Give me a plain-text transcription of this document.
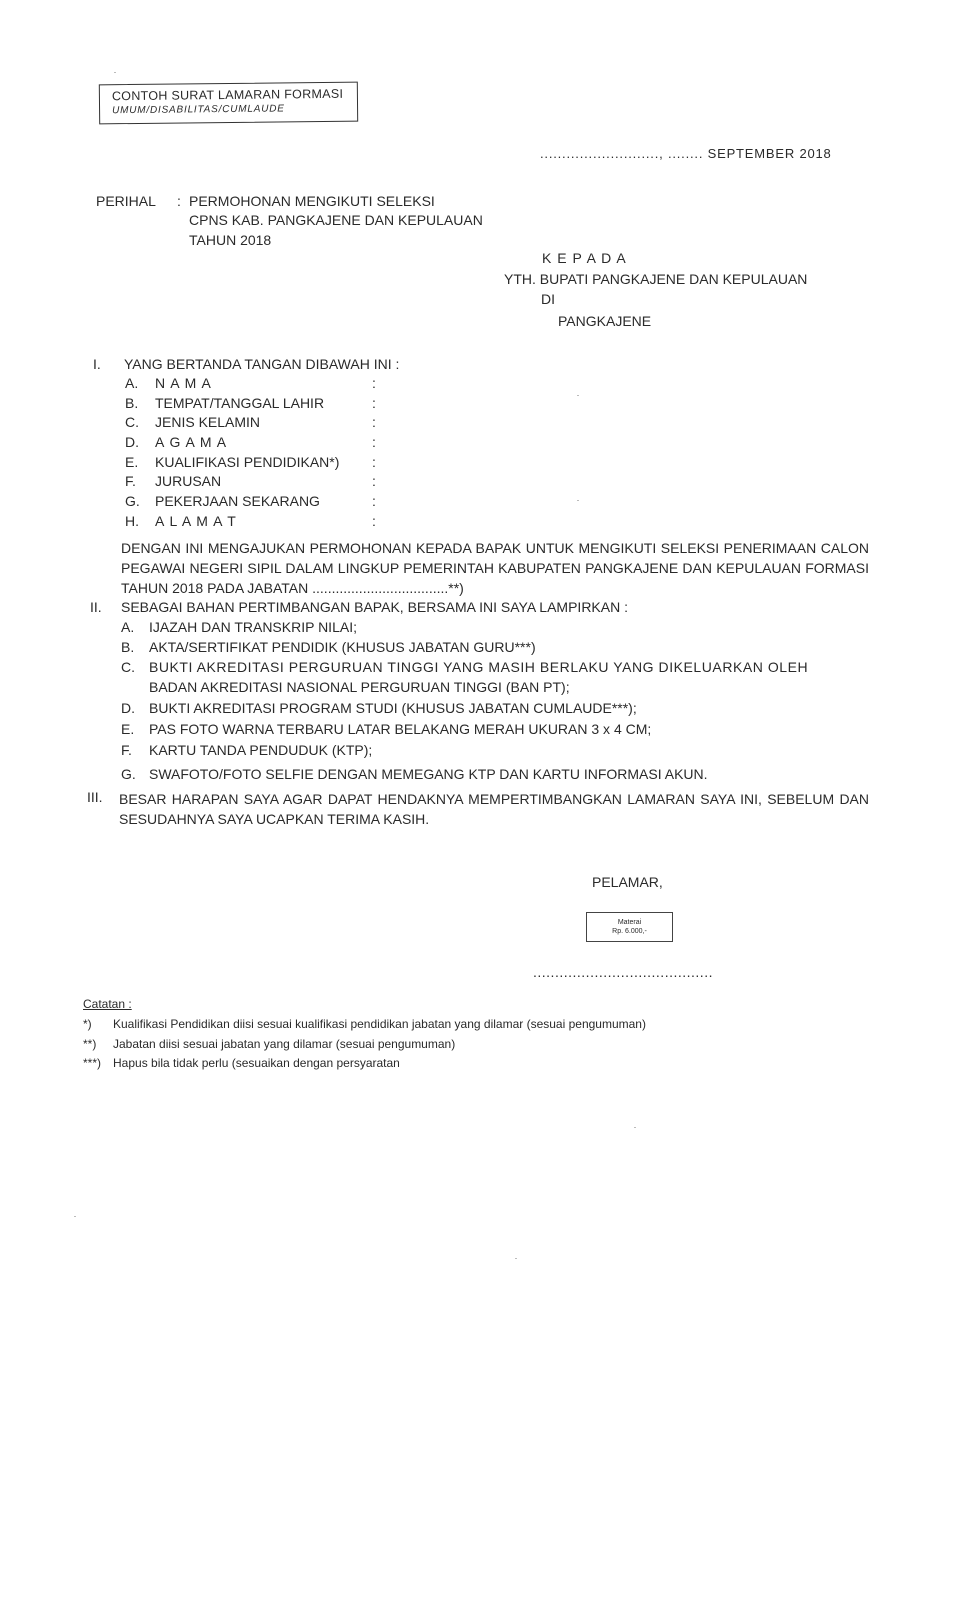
CONTOH SURAT LAMARAN FORMASI
UMUM/DISABILITAS/CUMLAUDE
..........................., ........ SEPTEMBER 2018
PERIHAL : PERMOHONAN MENGIKUTI SELEKSI
CPNS KAB. PANGKAJENE DAN KEPULAUAN
TAHUN 2018
K E P A D A
YTH. BUPATI PANGKAJENE DAN KEPULAUAN
DI
PANGKAJENE
I. YANG BERTANDA TANGAN DIBAWAH INI :
A. N A M A	:
B. TEMPAT/TANGGAL LAHIR	:
C. JENIS KELAMIN	:
D. A G A M A	:
E. KUALIFIKASI PENDIDIKAN*) :
F. JURUSAN	:
G. PEKERJAAN SEKARANG	:
H. A L A M A T	:
DENGAN INI MENGAJUKAN PERMOHONAN KEPADA BAPAK UNTUK MENGIKUTI SELEKSI PENERIMAAN CALON PEGAWAI NEGERI SIPIL DALAM LINGKUP PEMERINTAH KABUPATEN PANGKAJENE DAN KEPULAUAN FORMASI TAHUN 2018 PADA JABATAN ...................................**)
II. SEBAGAI BAHAN PERTIMBANGAN BAPAK, BERSAMA INI SAYA LAMPIRKAN :
A. IJAZAH DAN TRANSKRIP NILAI;
B. AKTA/SERTIFIKAT PENDIDIK (KHUSUS JABATAN GURU***)
C. BUKTI AKREDITASI PERGURUAN TINGGI YANG MASIH BERLAKU YANG DIKELUARKAN OLEH
BADAN AKREDITASI NASIONAL PERGURUAN TINGGI (BAN PT);
D. BUKTI AKREDITASI PROGRAM STUDI (KHUSUS JABATAN CUMLAUDE***);
E. PAS FOTO WARNA TERBARU LATAR BELAKANG MERAH UKURAN 3 x 4 CM;
F. KARTU TANDA PENDUDUK (KTP);
G. SWAFOTO/FOTO SELFIE DENGAN MEMEGANG KTP DAN KARTU INFORMASI AKUN.
III. BESAR HARAPAN SAYA AGAR DAPAT HENDAKNYA MEMPERTIMBANGKAN LAMARAN SAYA INI, SEBELUM DAN SESUDAHNYA SAYA UCAPKAN TERIMA KASIH.
PELAMAR,
Materai
Rp. 6.000,-
.........................................
Catatan :
*) Kualifikasi Pendidikan diisi sesuai kualifikasi pendidikan jabatan yang dilamar (sesuai pengumuman)
**) Jabatan diisi sesuai jabatan yang dilamar (sesuai pengumuman)
***) Hapus bila tidak perlu (sesuaikan dengan persyaratan
